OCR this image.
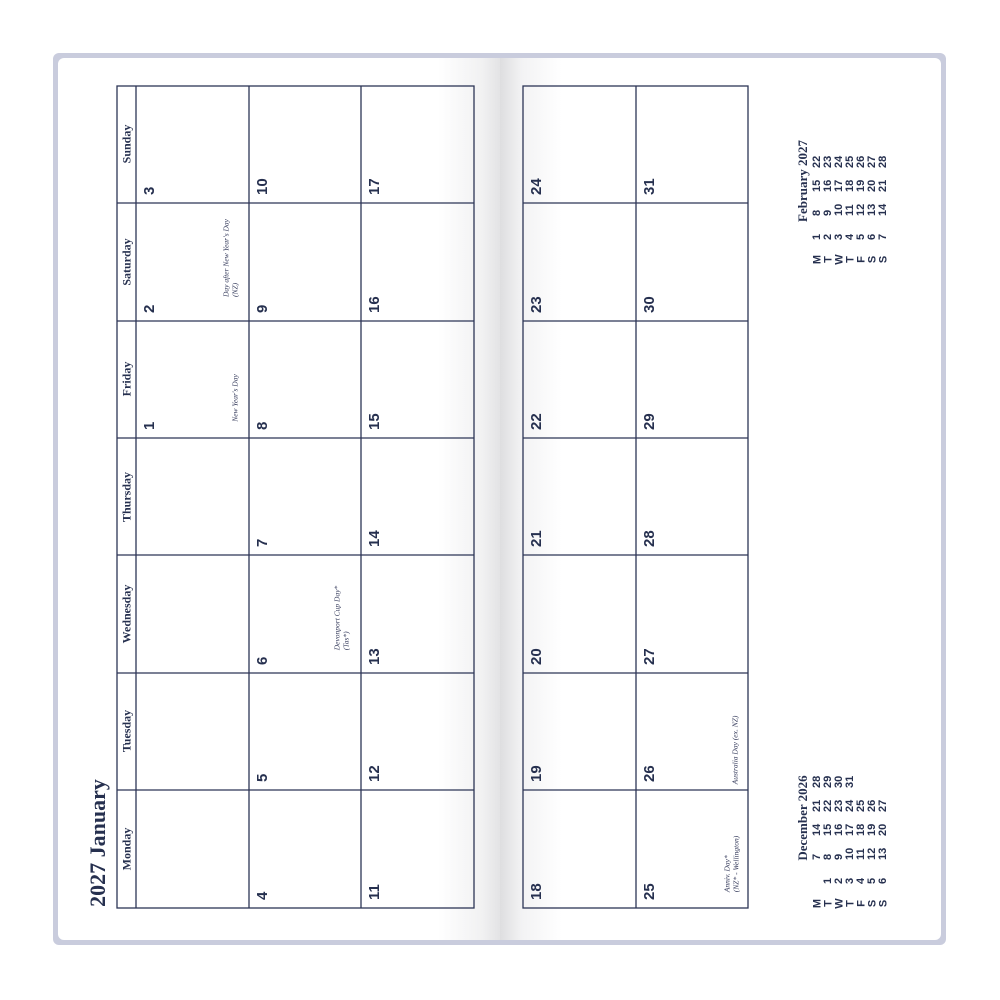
2027 January Monday
Tuesday
Wednesday
Thursday
Friday
Saturday
Sunday
1
2
3
4
5
6
7
8
9
10
11
12
13
14
15
16
17
18
19
20
21
22
23
24
25
26
27
28
29
30
31
New Year's Day
Day after New Year's Day (NZ)
Devonport Cup Day* (Tas*)
Australia Day (ex. NZ)
Anniv. Day* (NZ* - Wellington)
February 2027
M T W T F S S
1 2 3 4 5 6 7
8 9 10 11 12 13 14
15 16 17 18 19 20 21
22 23 24 25 26 27 28
December 2026
M T W T F S S
1 2 3 4 5 6
7 8 9 10 11 12 13
14 15 16 17 18 19 20
21 22 23 24 25 26 27
28 29 30 31
